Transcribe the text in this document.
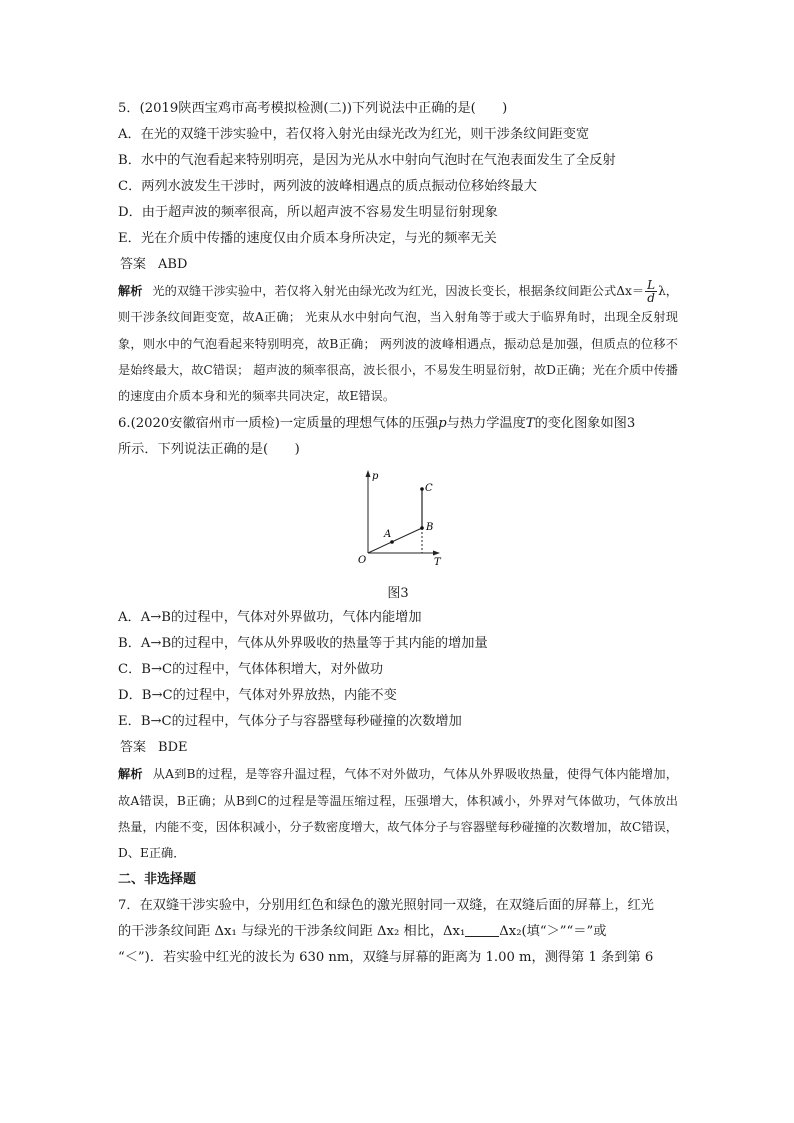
5．(2019陕西宝鸡市高考模拟检测(二))下列说法中正确的是(　　)
A．在光的双缝干涉实验中，若仅将入射光由绿光改为红光，则干涉条纹间距变宽
B．水中的气泡看起来特别明亮，是因为光从水中射向气泡时在气泡表面发生了全反射
C．两列水波发生干涉时，两列波的波峰相遇点的质点振动位移始终最大
D．由于超声波的频率很高，所以超声波不容易发生明显衍射现象
E．光在介质中传播的速度仅由介质本身所决定，与光的频率无关
答案 ABD
解析 光的双缝干涉实验中，若仅将入射光由绿光改为红光，因波长变长，根据条纹间距公式$\Delta x= \frac{L}{d}$ λ，则干涉条纹间距变宽，故A正确； 光束从水中射向气泡，当入射角等于或大于临界角时，出现全反射现象，则水中的气泡看起来特别明亮，故B正确； 两列波的波峰相遇点，振动总是加强，但质点的位移不是始终最大，故C错误； 超声波的频率很高，波长很小，不易发生明显衍射，故D正确；光在介质中传播的速度由介质本身和光的频率共同决定，故E错误。
6.(2020安徽宿州市一质检)一定质量的理想气体的压强p与热力学温度T的变化图象如图3
所示．下列说法正确的是(　　)
p
T
O
A
B
C
图3
A．A→B的过程中，气体对外界做功，气体内能增加
B．A→B的过程中，气体从外界吸收的热量等于其内能的增加量
C．B→C的过程中，气体体积增大，对外做功
D．B→C的过程中，气体对外界放热，内能不变
E．B→C的过程中，气体分子与容器壁每秒碰撞的次数增加
答案 BDE
解析 从A到B的过程，是等容升温过程，气体不对外做功，气体从外界吸收热量，使得气体内能增加，故A错误，B正确；从B到C的过程是等温压缩过程，压强增大，体积减小，外界对气体做功，气体放出热量，内能不变，因体积减小，分子数密度增大，故气体分子与容器壁每秒碰撞的次数增加，故C错误，D、E正确．
二、非选择题
7．在双缝干涉实验中，分别用红色和绿色的激光照射同一双缝，在双缝后面的屏幕上，红光
的干涉条纹间距 Δx₁ 与绿光的干涉条纹间距 Δx₂ 相比，Δx₁	Δx₂(填“＞”“＝”或
“＜”)．若实验中红光的波长为 630 nm，双缝与屏幕的距离为 1.00 m，测得第 1 条到第 6
